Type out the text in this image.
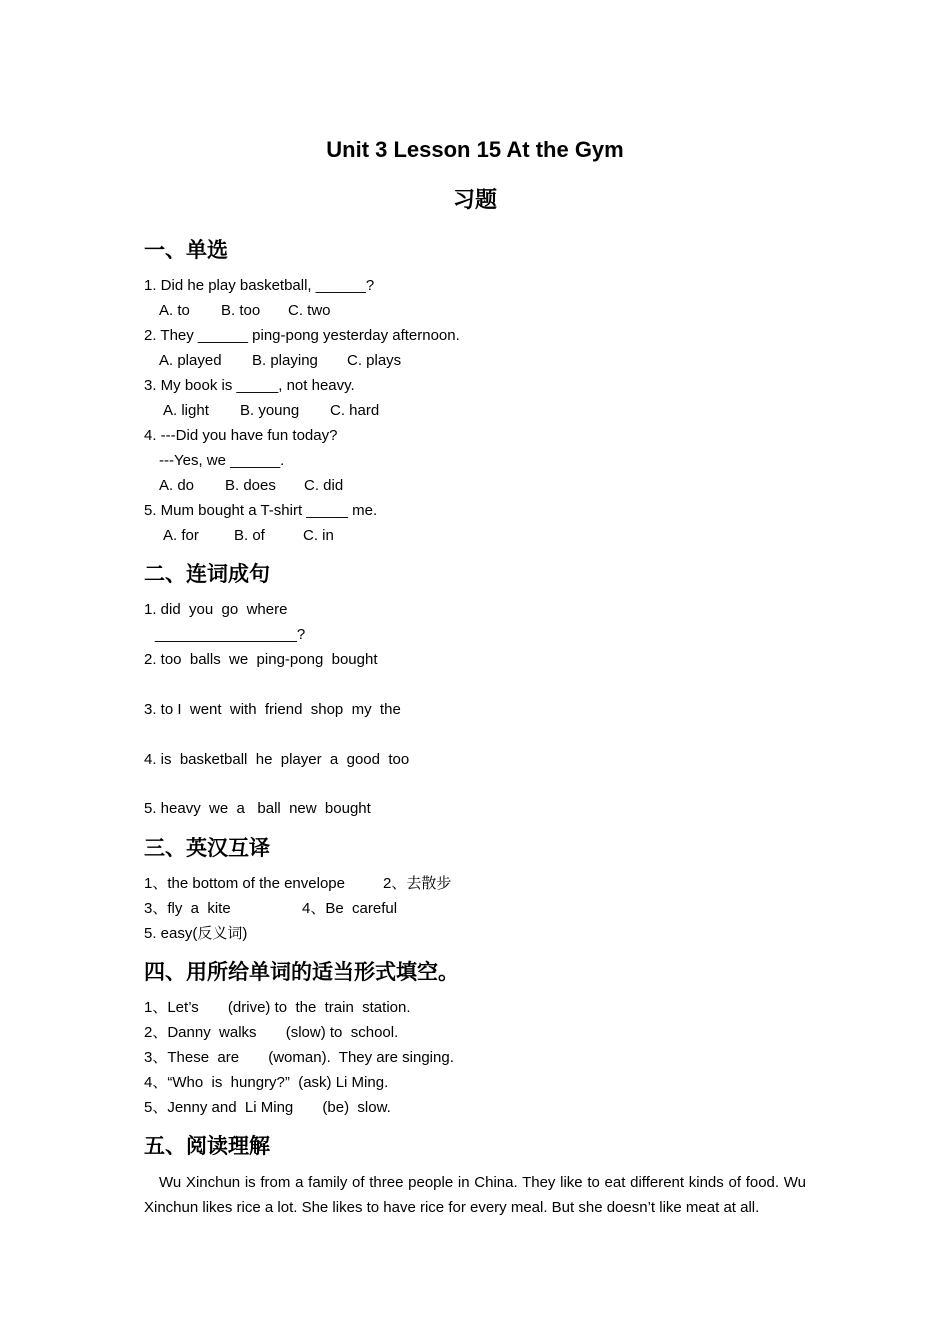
Unit 3 Lesson 15 At the Gym
习题
一、单选
1. Did he play basketball, ______?
A. to B. too C. two
2. They ______ ping-pong yesterday afternoon.
A. played B. playing C. plays
3. My book is _____, not heavy.
A. light B. young C. hard
4. ---Did you have fun today?
---Yes, we ______.
A. do B. does C. did
5. Mum bought a T-shirt _____ me.
A. for B. of	C. in
二、连词成句
1. did  you  go  where
_________________?
2. too  balls  we  ping-pong  bought
3. to I  went  with  friend  shop  my  the
4. is  basketball  he  player  a  good  too
5. heavy  we  a   ball  new  bought
三、英汉互译
1、the bottom of the envelope	2、去散步
3、fly  a  kite	4、Be  careful
5. easy(反义词)
四、用所给单词的适当形式填空。
1、Let’s       (drive) to  the  train  station.
2、Danny  walks       (slow) to  school.
3、These  are       (woman).  They are singing.
4、“Who  is  hungry?”  (ask) Li Ming.
5、Jenny and  Li Ming       (be)  slow.
五、阅读理解
Wu Xinchun is from a family of three people in China. They like to eat different kinds of food. Wu Xinchun likes rice a lot. She likes to have rice for every meal. But she doesn’t like meat at all.
